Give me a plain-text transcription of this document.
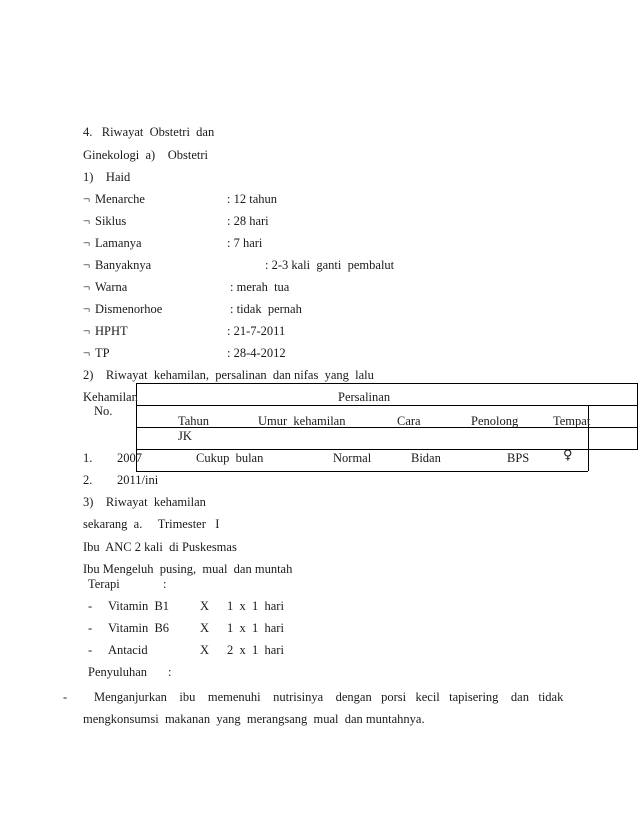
4.   Riwayat  Obstetri  dan
Ginekologi  a)    Obstetri
1)    Haid
¬ Menarche	: 12 tahun
¬ Siklus	: 28 hari
¬ Lamanya	: 7 hari
¬ Banyaknya	: 2-3 kali  ganti  pembalut
¬ Warna	: merah  tua
¬ Dismenorhoe	: tidak  pernah
¬ HPHT	: 21-7-2011
¬ TP	: 28-4-2012
2)    Riwayat  kehamilan,  persalinan  dan nifas  yang  lalu
Kehamilan
No.
Persalinan
Tahun	Umur  kehamilan	Cara	Penolong	Tempat
JK
1. 2007	Cukup  bulan	Normal	Bidan	BPS	♀
2. 2011/ini
3)    Riwayat  kehamilan
sekarang  a.     Trimester   I
Ibu  ANC 2 kali  di Puskesmas
Ibu Mengeluh  pusing,  mual  dan muntah
Terapi	:
- Vitamin  B1 X 1  x  1  hari
- Vitamin  B6 X 1  x  1  hari
- Antacid	X 2  x  1  hari
Penyuluhan :
- Menganjurkan    ibu    memenuhi    nutrisinya    dengan   porsi   kecil   tapisering    dan   tidak
mengkonsumsi  makanan  yang  merangsang  mual  dan muntahnya.
